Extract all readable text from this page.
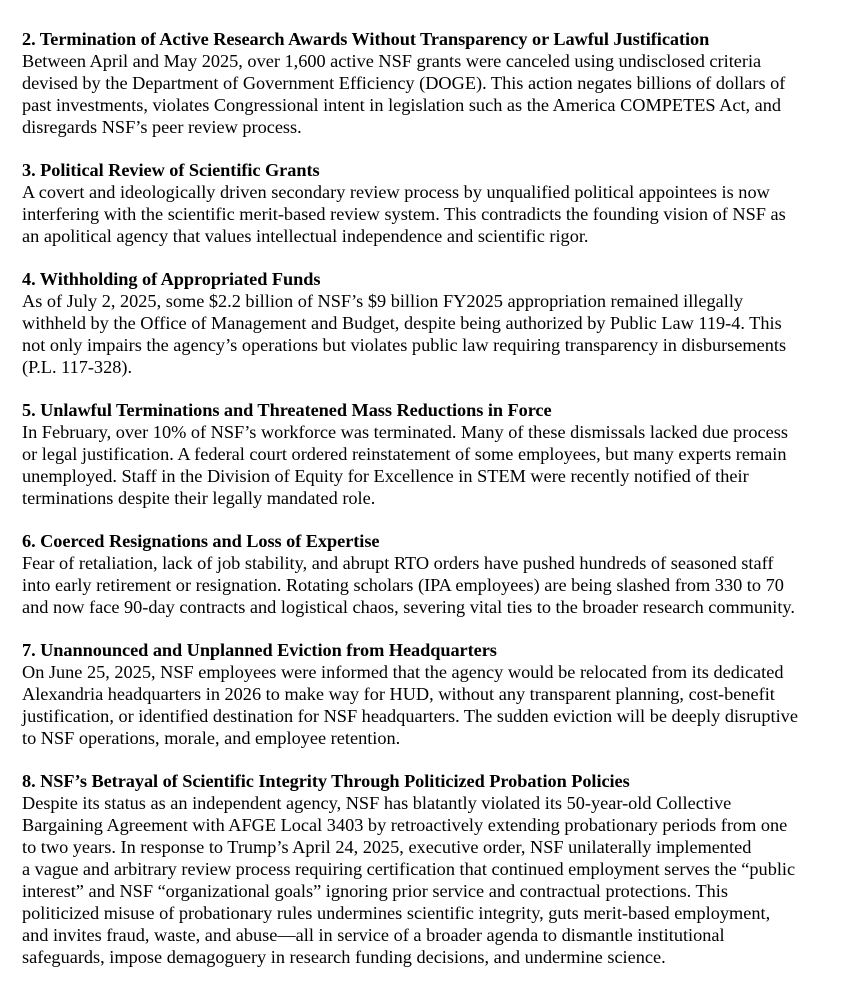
2. Termination of Active Research Awards Without Transparency or Lawful Justification

Between April and May 2025, over 1,600 active NSF grants were canceled using undisclosed criteria
devised by the Department of Government Efficiency (DOGE). This action negates billions of dollars of
past investments, violates Congressional intent in legislation such as the America COMPETES Act, and
disregards NSF’s peer review process.

3. Political Review of Scientific Grants

A covert and ideologically driven secondary review process by unqualified political appointees is now
interfering with the scientific merit-based review system. This contradicts the founding vision of NSF as
an apolitical agency that values intellectual independence and scientific rigor.

4. Withholding of Appropriated Funds

As of July 2, 2025, some $2.2 billion of NSF’s $9 billion FY2025 appropriation remained illegally
withheld by the Office of Management and Budget, despite being authorized by Public Law 119-4. This
not only impairs the agency’s operations but violates public law requiring transparency in disbursements
(P.L. 117-328).

5. Unlawful Terminations and Threatened Mass Reductions in Force

In February, over 10% of NSF’s workforce was terminated. Many of these dismissals lacked due process
or legal justification. A federal court ordered reinstatement of some employees, but many experts remain
unemployed. Staff in the Division of Equity for Excellence in STEM were recently notified of their
terminations despite their legally mandated role.

6. Coerced Resignations and Loss of Expertise

Fear of retaliation, lack of job stability, and abrupt RTO orders have pushed hundreds of seasoned staff
into early retirement or resignation. Rotating scholars (IPA employees) are being slashed from 330 to 70
and now face 90-day contracts and logistical chaos, severing vital ties to the broader research community.

7. Unannounced and Unplanned Eviction from Headquarters

On June 25, 2025, NSF employees were informed that the agency would be relocated from its dedicated
Alexandria headquarters in 2026 to make way for HUD, without any transparent planning, cost-benefit
justification, or identified destination for NSF headquarters. The sudden eviction will be deeply disruptive
to NSF operations, morale, and employee retention.

8. NSF’s Betrayal of Scientific Integrity Through Politicized Probation Policies

Despite its status as an independent agency, NSF has blatantly violated its 50-year-old Collective
Bargaining Agreement with AFGE Local 3403 by retroactively extending probationary periods from one
to two years. In response to Trump’s April 24, 2025, executive order, NSF unilaterally implemented
a vague and arbitrary review process requiring certification that continued employment serves the “public
interest” and NSF “organizational goals” ignoring prior service and contractual protections. This
politicized misuse of probationary rules undermines scientific integrity, guts merit-based employment,
and invites fraud, waste, and abuse—all in service of a broader agenda to dismantle institutional
safeguards, impose demagoguery in research funding decisions, and undermine science.
